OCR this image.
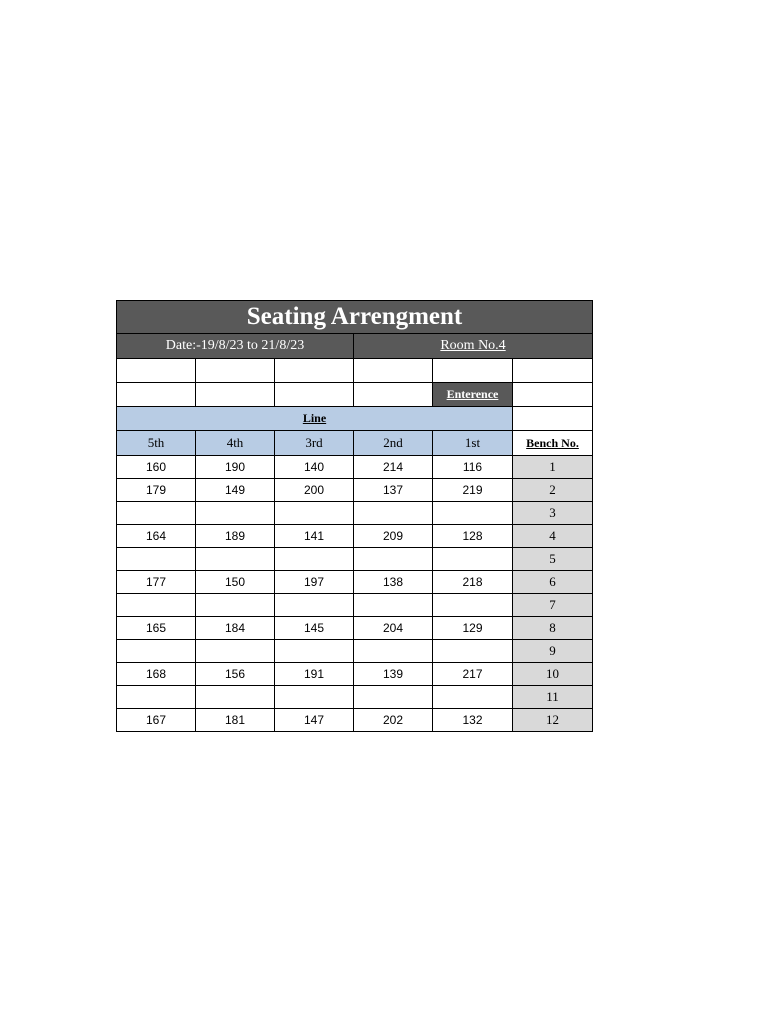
Seating Arrengment					
Date:-19/8/23 to 21/8/23			Room No.4		

				Enterence	
Line					
5th	4th	3rd	2nd	1st	Bench No.
160	190	140	214	116	1
179	149	200	137	219	2
					3
164	189	141	209	128	4
					5
177	150	197	138	218	6
					7
165	184	145	204	129	8
					9
168	156	191	139	217	10
					11
167	181	147	202	132	12
